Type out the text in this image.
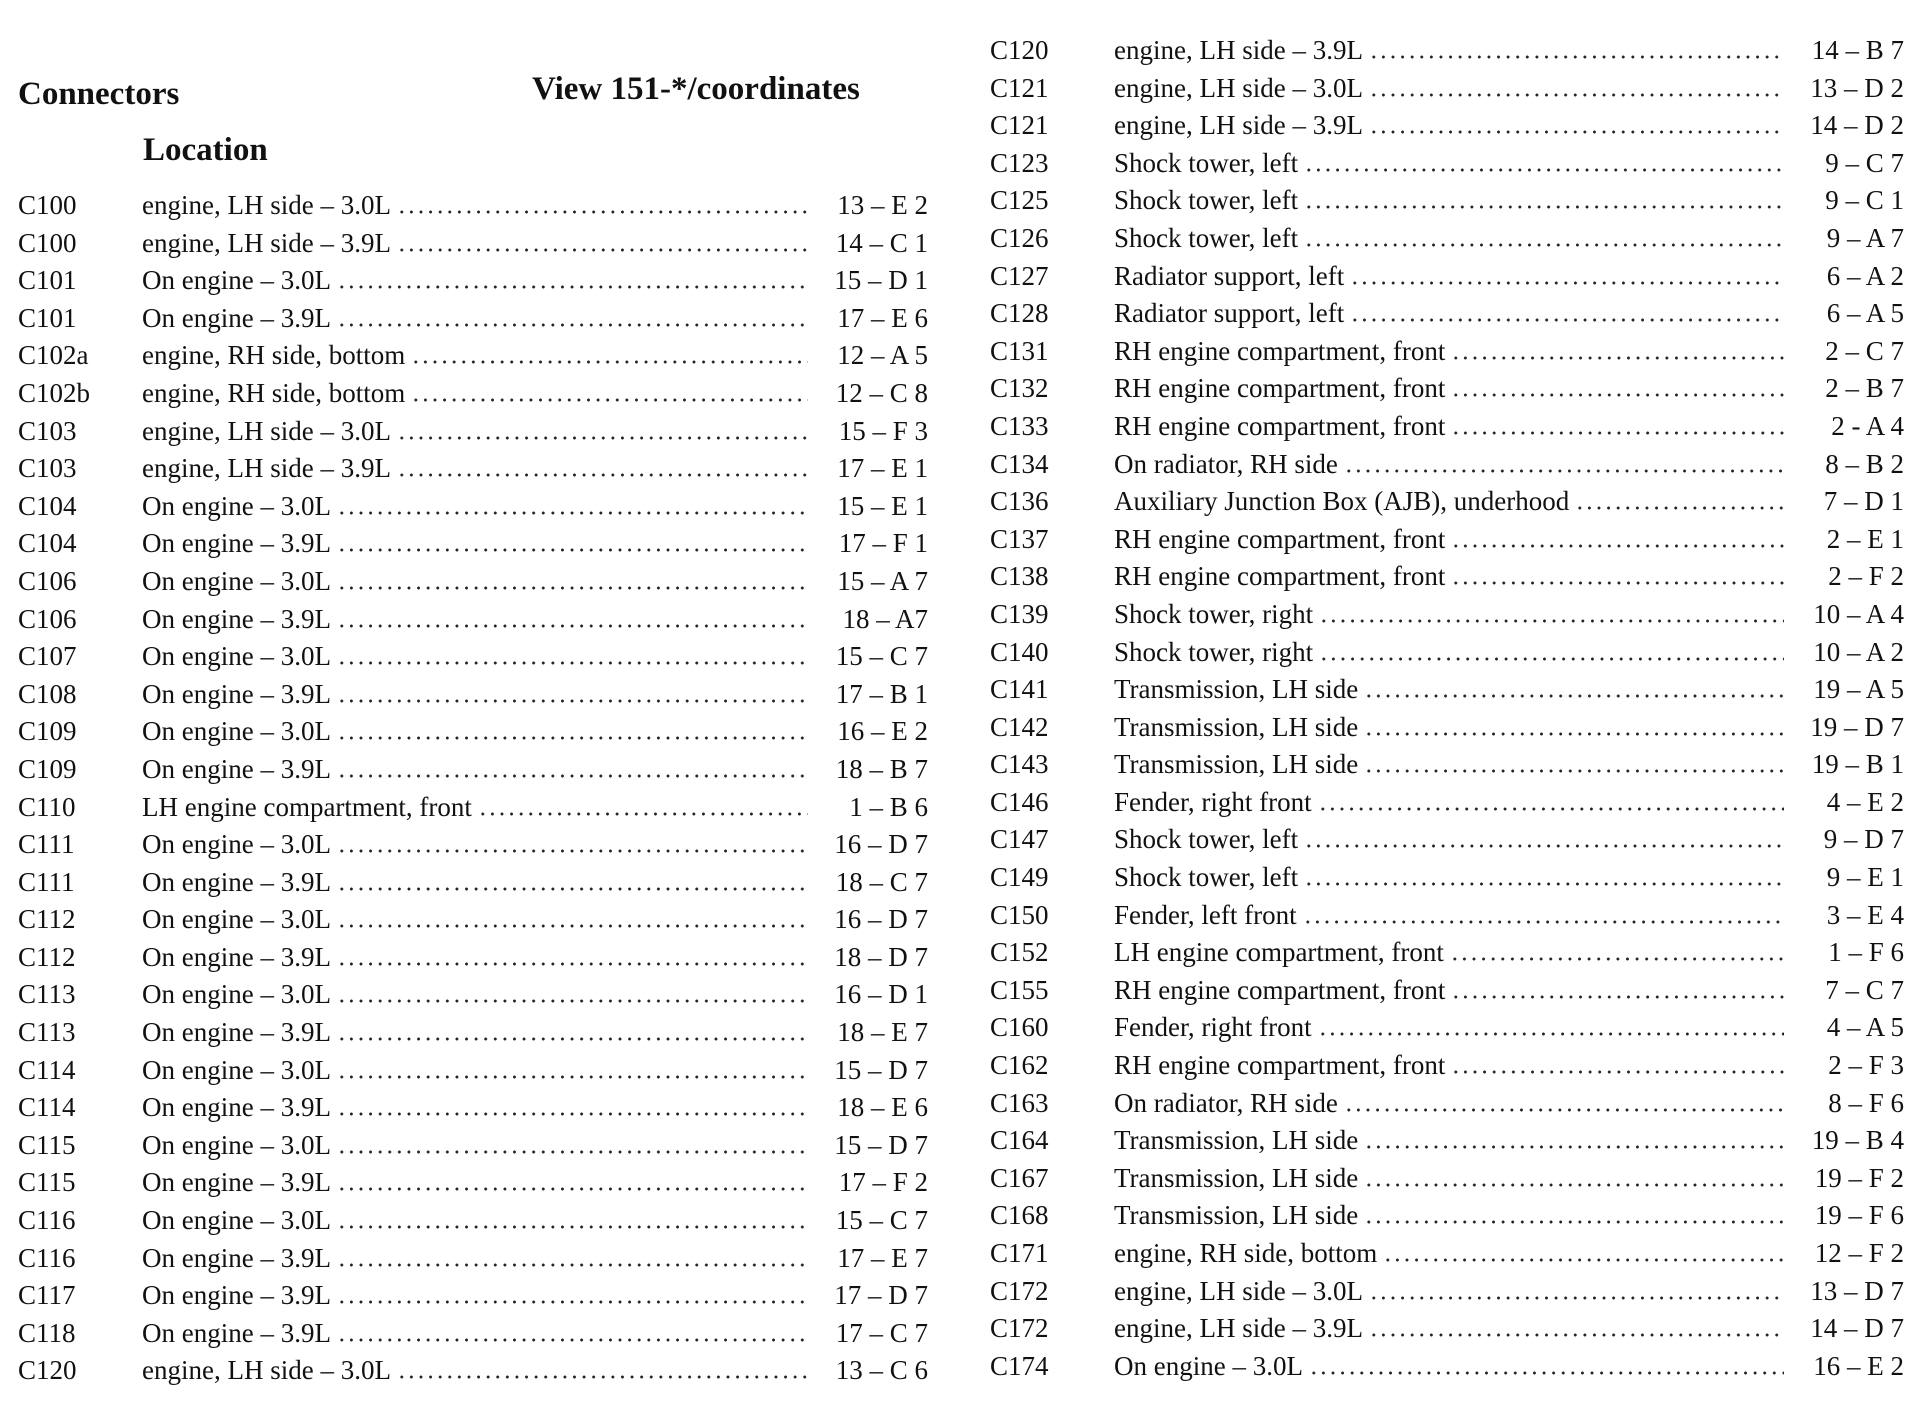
Connectors	View 151-*/coordinates
Location
C100	engine, LH side – 3.0L	13 – E 2
C100	engine, LH side – 3.9L	14 – C 1
C101	On engine – 3.0L	15 – D 1
C101	On engine – 3.9L	17 – E 6
C102a	engine, RH side, bottom	12 – A 5
C102b	engine, RH side, bottom	12 – C 8
C103	engine, LH side – 3.0L	15 – F 3
C103	engine, LH side – 3.9L	17 – E 1
C104	On engine – 3.0L	15 – E 1
C104	On engine – 3.9L	17 – F 1
C106	On engine – 3.0L	15 – A 7
C106	On engine – 3.9L	18 – A7
C107	On engine – 3.0L	15 – C 7
C108	On engine – 3.9L	17 – B 1
C109	On engine – 3.0L	16 – E 2
C109	On engine – 3.9L	18 – B 7
C110	LH engine compartment, front	1 – B 6
C111	On engine – 3.0L	16 – D 7
C111	On engine – 3.9L	18 – C 7
C112	On engine – 3.0L	16 – D 7
C112	On engine – 3.9L	18 – D 7
C113	On engine – 3.0L	16 – D 1
C113	On engine – 3.9L	18 – E 7
C114	On engine – 3.0L	15 – D 7
C114	On engine – 3.9L	18 – E 6
C115	On engine – 3.0L	15 – D 7
C115	On engine – 3.9L	17 – F 2
C116	On engine – 3.0L	15 – C 7
C116	On engine – 3.9L	17 – E 7
C117	On engine – 3.9L	17 – D 7
C118	On engine – 3.9L	17 – C 7
C120	engine, LH side – 3.0L	13 – C 6
C120	engine, LH side – 3.9L	14 – B 7
C121	engine, LH side – 3.0L	13 – D 2
C121	engine, LH side – 3.9L	14 – D 2
C123	Shock tower, left	9 – C 7
C125	Shock tower, left	9 – C 1
C126	Shock tower, left	9 – A 7
C127	Radiator support, left	6 – A 2
C128	Radiator support, left	6 – A 5
C131	RH engine compartment, front	2 – C 7
C132	RH engine compartment, front	2 – B 7
C133	RH engine compartment, front	2 - A 4
C134	On radiator, RH side	8 – B 2
C136	Auxiliary Junction Box (AJB), underhood	7 – D 1
C137	RH engine compartment, front	2 – E 1
C138	RH engine compartment, front	2 – F 2
C139	Shock tower, right	10 – A 4
C140	Shock tower, right	10 – A 2
C141	Transmission, LH side	19 – A 5
C142	Transmission, LH side	19 – D 7
C143	Transmission, LH side	19 – B 1
C146	Fender, right front	4 – E 2
C147	Shock tower, left	9 – D 7
C149	Shock tower, left	9 – E 1
C150	Fender, left front	3 – E 4
C152	LH engine compartment, front	1 – F 6
C155	RH engine compartment, front	7 – C 7
C160	Fender, right front	4 – A 5
C162	RH engine compartment, front	2 – F 3
C163	On radiator, RH side	8 – F 6
C164	Transmission, LH side	19 – B 4
C167	Transmission, LH side	19 – F 2
C168	Transmission, LH side	19 – F 6
C171	engine, RH side, bottom	12 – F 2
C172	engine, LH side – 3.0L	13 – D 7
C172	engine, LH side – 3.9L	14 – D 7
C174	On engine – 3.0L	16 – E 2
